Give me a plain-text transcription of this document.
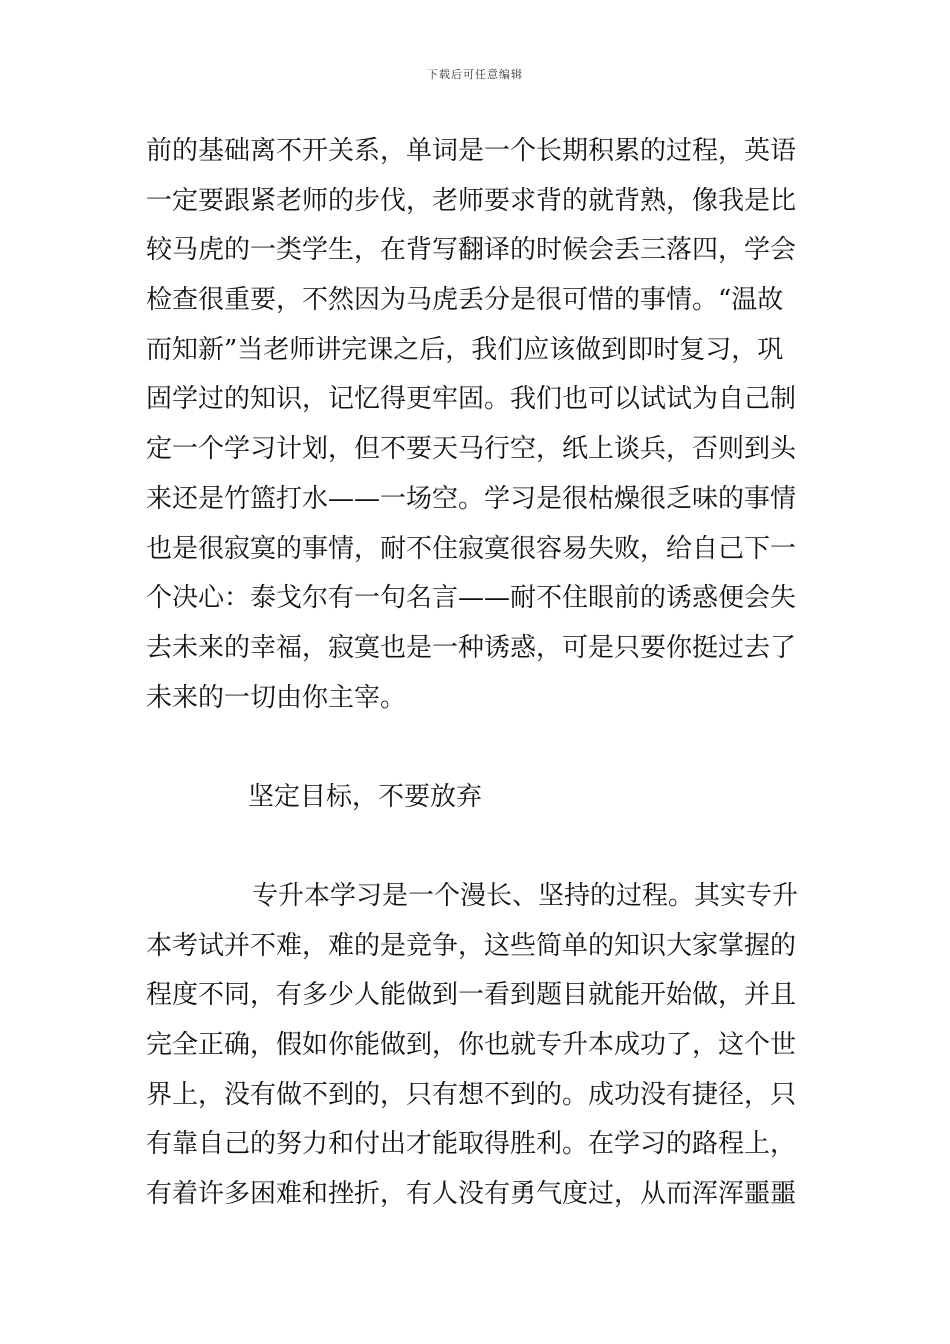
下载后可任意编辑
前的基础离不开关系，单词是一个长期积累的过程，英语
一定要跟紧老师的步伐，老师要求背的就背熟，像我是比
较马虎的一类学生，在背写翻译的时候会丢三落四，学会
检查很重要，不然因为马虎丢分是很可惜的事情。“温故
而知新”当老师讲完课之后，我们应该做到即时复习，巩
固学过的知识，记忆得更牢固。我们也可以试试为自己制
定一个学习计划，但不要天马行空，纸上谈兵，否则到头
来还是竹篮打水——一场空。学习是很枯燥很乏味的事情
也是很寂寞的事情，耐不住寂寞很容易失败，给自己下一
个决心：泰戈尔有一句名言——耐不住眼前的诱惑便会失
去未来的幸福，寂寞也是一种诱惑，可是只要你挺过去了
未来的一切由你主宰。
坚定目标，不要放弃
专升本学习是一个漫长、坚持的过程。其实专升
本考试并不难，难的是竞争，这些简单的知识大家掌握的
程度不同，有多少人能做到一看到题目就能开始做，并且
完全正确，假如你能做到，你也就专升本成功了，这个世
界上，没有做不到的，只有想不到的。成功没有捷径，只
有靠自己的努力和付出才能取得胜利。在学习的路程上，
有着许多困难和挫折，有人没有勇气度过，从而浑浑噩噩
